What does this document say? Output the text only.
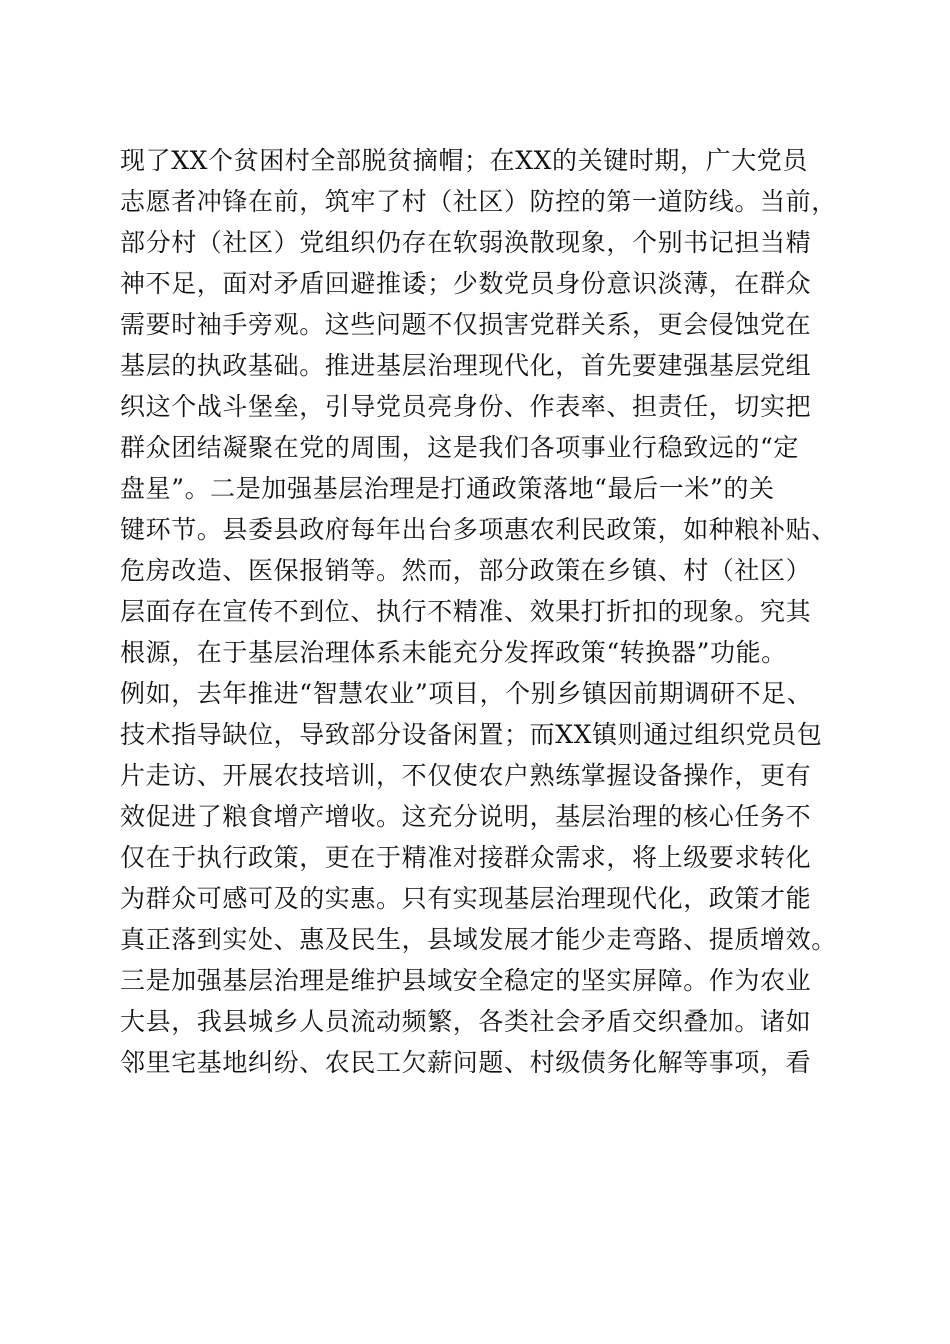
现了XX个贫困村全部脱贫摘帽；在XX的关键时期，广大党员
志愿者冲锋在前，筑牢了村（社区）防控的第一道防线。当前，
部分村（社区）党组织仍存在软弱涣散现象，个别书记担当精
神不足，面对矛盾回避推诿；少数党员身份意识淡薄，在群众
需要时袖手旁观。这些问题不仅损害党群关系，更会侵蚀党在
基层的执政基础。推进基层治理现代化，首先要建强基层党组
织这个战斗堡垒，引导党员亮身份、作表率、担责任，切实把
群众团结凝聚在党的周围，这是我们各项事业行稳致远的“定
盘星”。二是加强基层治理是打通政策落地“最后一米”的关
键环节。县委县政府每年出台多项惠农利民政策，如种粮补贴、
危房改造、医保报销等。然而，部分政策在乡镇、村（社区）
层面存在宣传不到位、执行不精准、效果打折扣的现象。究其
根源，在于基层治理体系未能充分发挥政策“转换器”功能。
例如，去年推进“智慧农业”项目，个别乡镇因前期调研不足、
技术指导缺位，导致部分设备闲置；而XX镇则通过组织党员包
片走访、开展农技培训，不仅使农户熟练掌握设备操作，更有
效促进了粮食增产增收。这充分说明，基层治理的核心任务不
仅在于执行政策，更在于精准对接群众需求，将上级要求转化
为群众可感可及的实惠。只有实现基层治理现代化，政策才能
真正落到实处、惠及民生，县域发展才能少走弯路、提质增效。
三是加强基层治理是维护县域安全稳定的坚实屏障。作为农业
大县，我县城乡人员流动频繁，各类社会矛盾交织叠加。诸如
邻里宅基地纠纷、农民工欠薪问题、村级债务化解等事项，看
